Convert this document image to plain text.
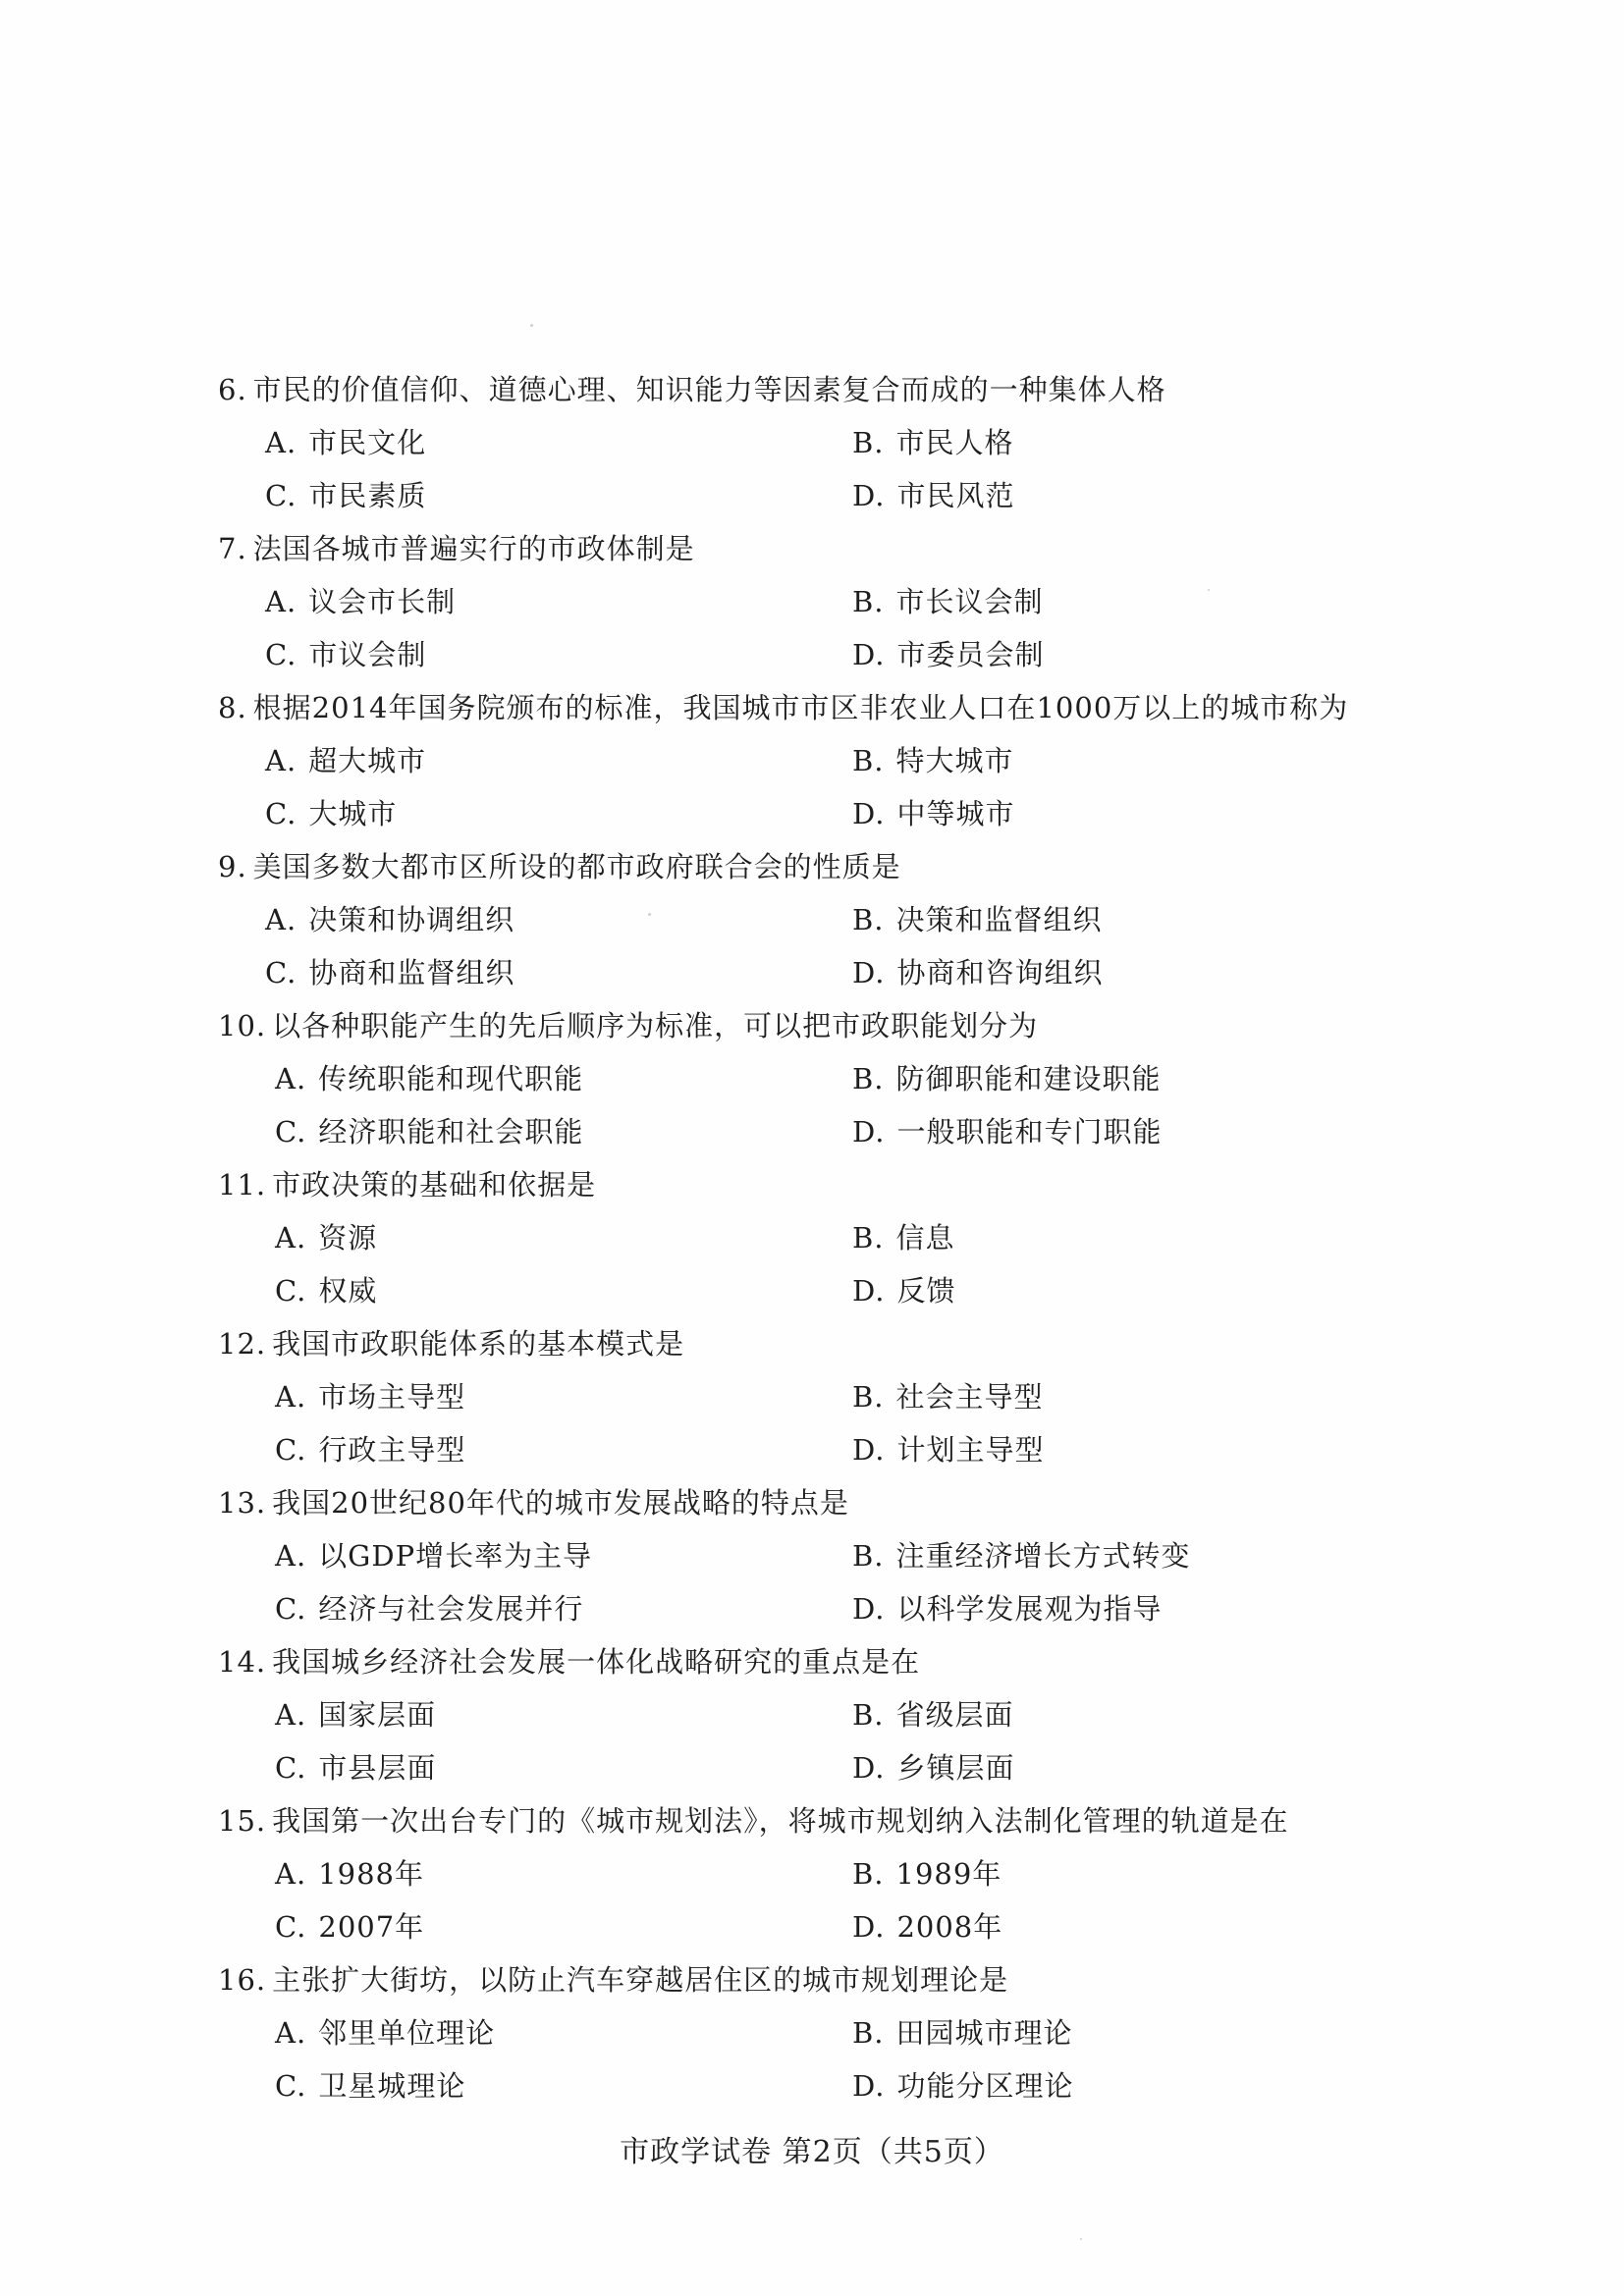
6. 市民的价值信仰、道德心理、知识能力等因素复合而成的一种集体人格
A. 市民文化	B. 市民人格
C. 市民素质	D. 市民风范
7. 法国各城市普遍实行的市政体制是
A. 议会市长制	B. 市长议会制
C. 市议会制	D. 市委员会制
8. 根据2014年国务院颁布的标准，我国城市市区非农业人口在1000万以上的城市称为
A. 超大城市	B. 特大城市
C. 大城市	D. 中等城市
9. 美国多数大都市区所设的都市政府联合会的性质是
A. 决策和协调组织	B. 决策和监督组织
C. 协商和监督组织	D. 协商和咨询组织
10. 以各种职能产生的先后顺序为标准，可以把市政职能划分为
A. 传统职能和现代职能	B. 防御职能和建设职能
C. 经济职能和社会职能	D. 一般职能和专门职能
11. 市政决策的基础和依据是
A. 资源	B. 信息
C. 权威	D. 反馈
12. 我国市政职能体系的基本模式是
A. 市场主导型	B. 社会主导型
C. 行政主导型	D. 计划主导型
13. 我国20世纪80年代的城市发展战略的特点是
A. 以GDP增长率为主导	B. 注重经济增长方式转变
C. 经济与社会发展并行	D. 以科学发展观为指导
14. 我国城乡经济社会发展一体化战略研究的重点是在
A. 国家层面	B. 省级层面
C. 市县层面	D. 乡镇层面
15. 我国第一次出台专门的《城市规划法》，将城市规划纳入法制化管理的轨道是在
A. 1988年	B. 1989年
C. 2007年	D. 2008年
16. 主张扩大街坊，以防止汽车穿越居住区的城市规划理论是
A. 邻里单位理论	B. 田园城市理论
C. 卫星城理论	D. 功能分区理论
市政学试卷 第2页（共5页）
